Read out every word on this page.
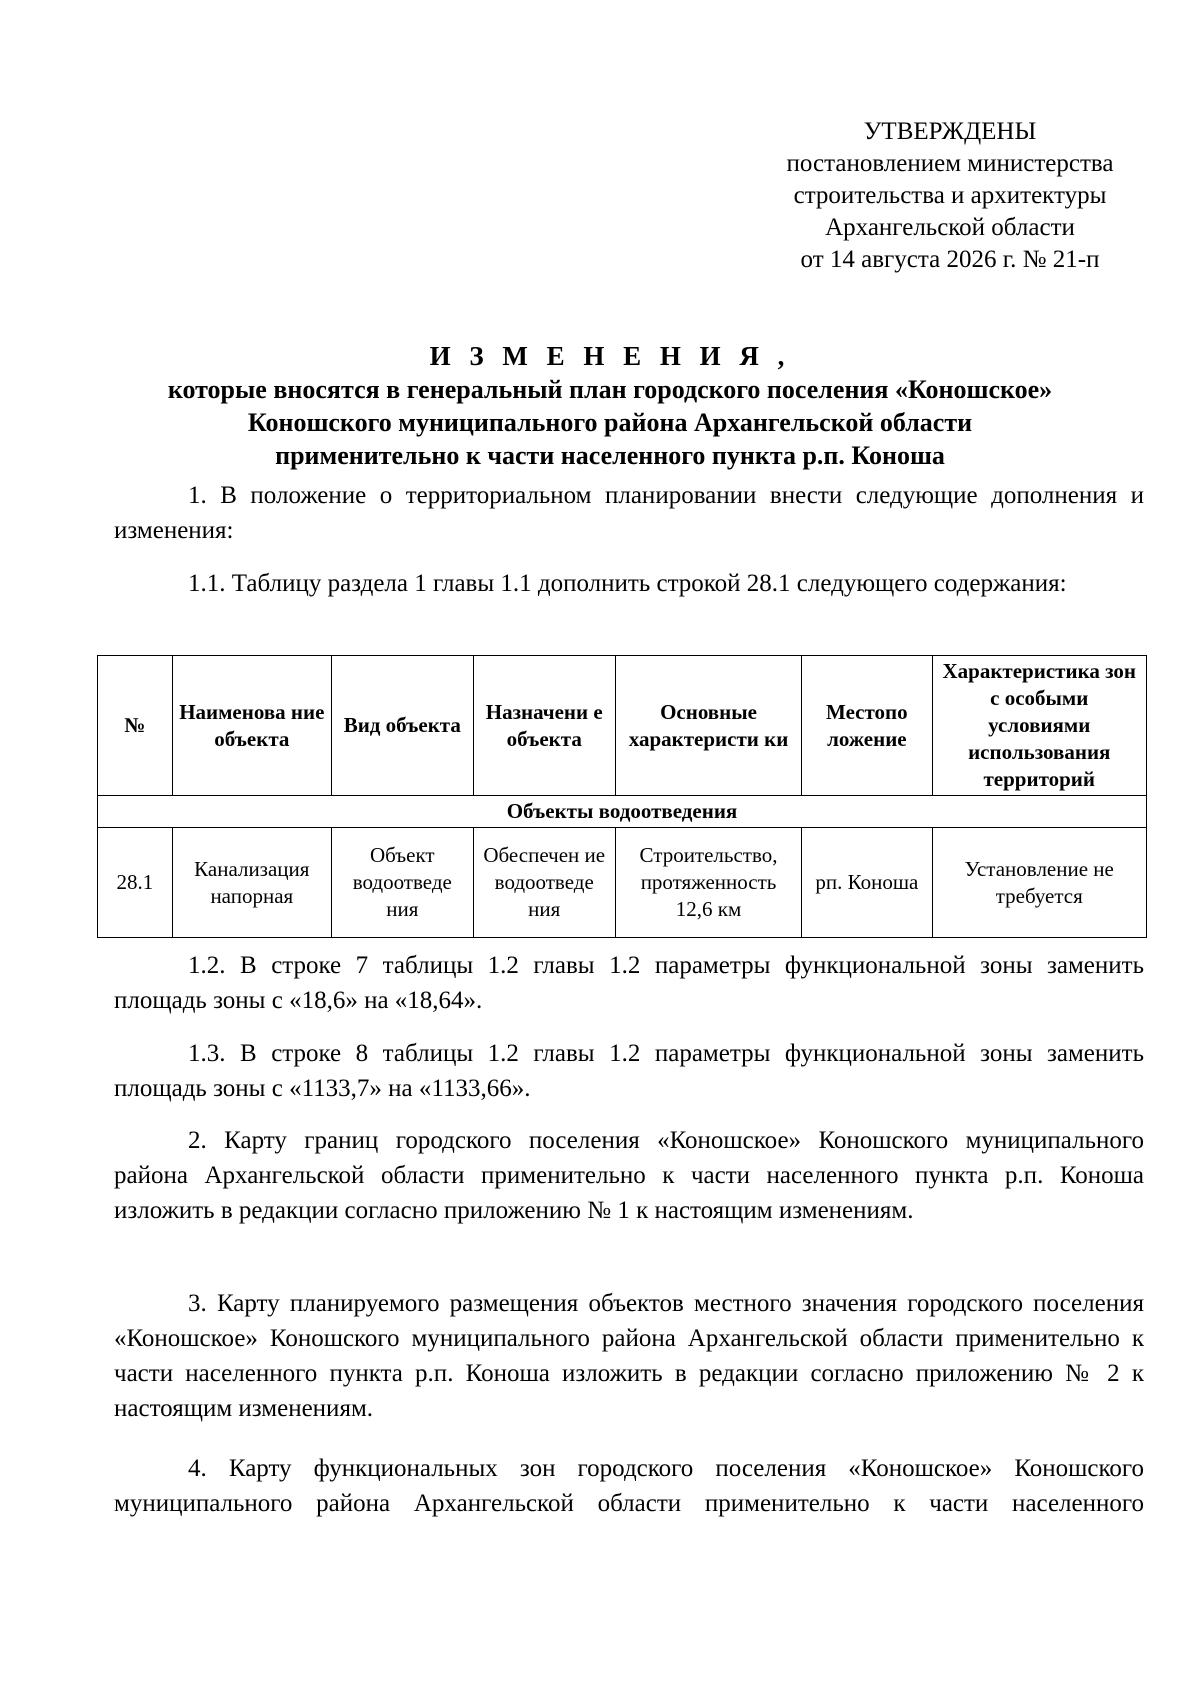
УТВЕРЖДЕНЫ
постановлением министерства
строительства и архитектуры
Архангельской области
от 14 августа 2026 г. № 21-п
И З М Е Н Е Н И Я ,
которые вносятся в генеральный план городского поселения «Коношское»
Коношского муниципального района Архангельской области
применительно к части населенного пункта р.п. Коноша
1. В положение о территориальном планировании внести следующие дополнения и изменения:
1.1. Таблицу раздела 1 главы 1.1 дополнить строкой 28.1 следующего содержания:
№	Наименова ние объекта	Вид объекта	Назначени е объекта	Основные характеристи ки	Местопо ложение	Характеристика зон с особыми условиями использования территорий
Объекты водоотведения						
28.1	Канализация напорная	Объект водоотведе ния	Обеспечен ие водоотведе ния	Строительство, протяженность 12,6 км	рп. Коноша	Установление не требуется
1.2. В строке 7 таблицы 1.2 главы 1.2 параметры функциональной зоны заменить площадь зоны с «18,6» на «18,64».
1.3. В строке 8 таблицы 1.2 главы 1.2 параметры функциональной зоны заменить площадь зоны с «1133,7» на «1133,66».
2. Карту границ городского поселения «Коношское» Коношского муниципального района Архангельской области применительно к части населенного пункта р.п. Коноша изложить в редакции согласно приложению № 1 к настоящим изменениям.
3. Карту планируемого размещения объектов местного значения городского поселения «Коношское» Коношского муниципального района Архангельской области применительно к части населенного пункта р.п. Коноша изложить в редакции согласно приложению № 2 к настоящим изменениям.
4. Карту функциональных зон городского поселения «Коношское» Коношского муниципального района Архангельской области применительно к части населенного
